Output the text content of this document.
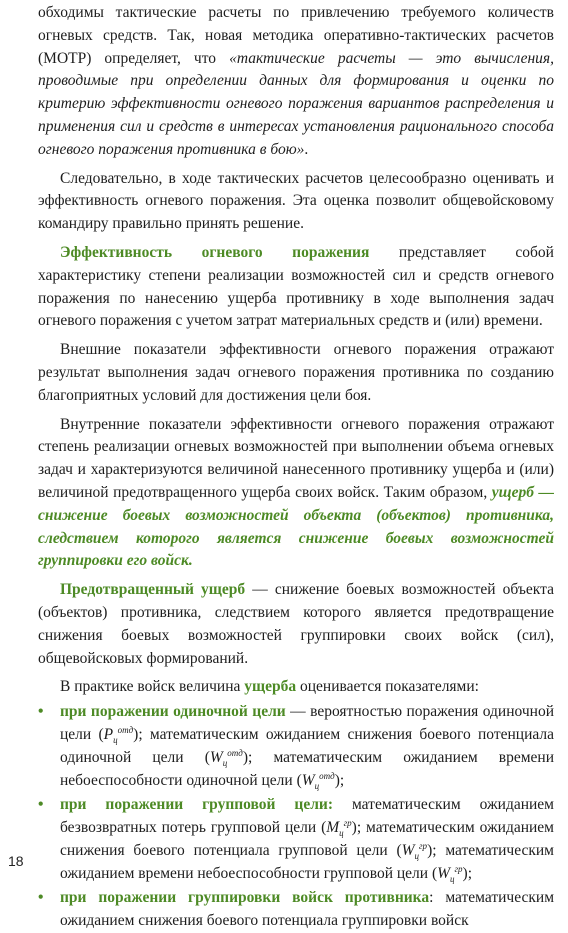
обходимы тактические расчеты по привлечению требуемого количеств огневых средств. Так, новая методика оперативно-тактических расчетов (МОТР) определяет, что «тактические расчеты — это вычисления, проводимые при определении данных для формирования и оценки по критерию эффективности огневого поражения вариантов распределения и применения сил и средств в интересах установления рационального способа огневого поражения противника в бою».

Следовательно, в ходе тактических расчетов целесообразно оценивать и эффективность огневого поражения. Эта оценка позволит общевойсковому командиру правильно принять решение.

Эффективность огневого поражения представляет собой характеристику степени реализации возможностей сил и средств огневого поражения по нанесению ущерба противнику в ходе выполнения задач огневого поражения с учетом затрат материальных средств и (или) времени.

Внешние показатели эффективности огневого поражения отражают результат выполнения задач огневого поражения противника по созданию благоприятных условий для достижения цели боя.

Внутренние показатели эффективности огневого поражения отражают степень реализации огневых возможностей при выполнении объема огневых задач и характеризуются величиной нанесенного противнику ущерба и (или) величиной предотвращенного ущерба своих войск. Таким образом, ущерб — снижение боевых возможностей объекта (объектов) противника, следствием которого является снижение боевых возможностей группировки его войск.

Предотвращенный ущерб — снижение боевых возможностей объекта (объектов) противника, следствием которого является предотвращение снижения боевых возможностей группировки своих войск (сил), общевойсковых формирований.

В практике войск величина ущерба оценивается показателями:

• при поражении одиночной цели — вероятностью поражения одиночной цели $(P_ц^{отд})$; математическим ожиданием снижения боевого потенциала одиночной цели $(W_ц^{отд})$; математическим ожиданием времени небоеспособности одиночной цели $(W_ц^{отд})$;
• при поражении групповой цели: математическим ожиданием безвозвратных потерь групповой цели $(M_ц^{гр})$; математическим ожиданием снижения боевого потенциала групповой цели $(W_ц^{гр})$; математическим ожиданием времени небоеспособности групповой цели $(W_ц^{гр})$;
• при поражении группировки войск противника: математическим ожиданием снижения боевого потенциала группировки войск
18
